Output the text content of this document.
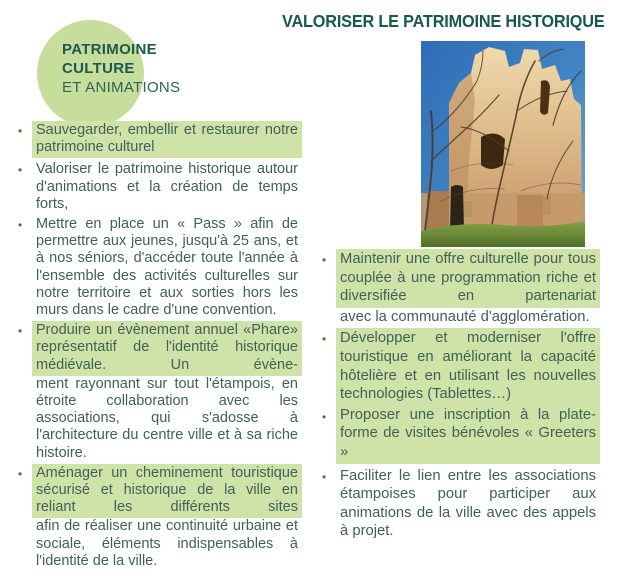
PATRIMOINE
CULTURE
ET ANIMATIONS
VALORISER LE PATRIMOINE HISTORIQUE
• Sauvegarder, embellir et restaurer notre patrimoine culturel
• Valoriser le patrimoine historique autour d'animations et la création de temps forts,
• Mettre en place un « Pass » afin de permettre aux jeunes, jusqu'à 25 ans, et à nos séniors, d'accéder toute l'année à l'ensemble des activités culturelles sur notre territoire et aux sorties hors les murs dans le cadre d'une convention.
• Produire un évènement annuel «Phare» représentatif de l'identité historique médiévale. Un évène-
ment rayonnant sur tout l'étampois, en étroite collaboration avec les associations, qui s'adosse à l'architecture du centre ville et à sa riche histoire.
• Aménager un cheminement touristique sécurisé et historique de la ville en reliant les différents sites
afin de réaliser une continuité urbaine et sociale, éléments indispensables à l'identité de la ville.
• Maintenir une offre culturelle pour tous couplée à une programmation riche et diversifiée en partenariat
avec la communauté d'agglomération.
• Développer et moderniser l'offre touristique en améliorant la capacité hôtelière et en utilisant les nouvelles technologies (Tablettes…)
• Proposer une inscription à la plate-forme de visites bénévoles « Greeters »
• Faciliter le lien entre les associations étampoises pour participer aux animations de la ville avec des appels à projet.
